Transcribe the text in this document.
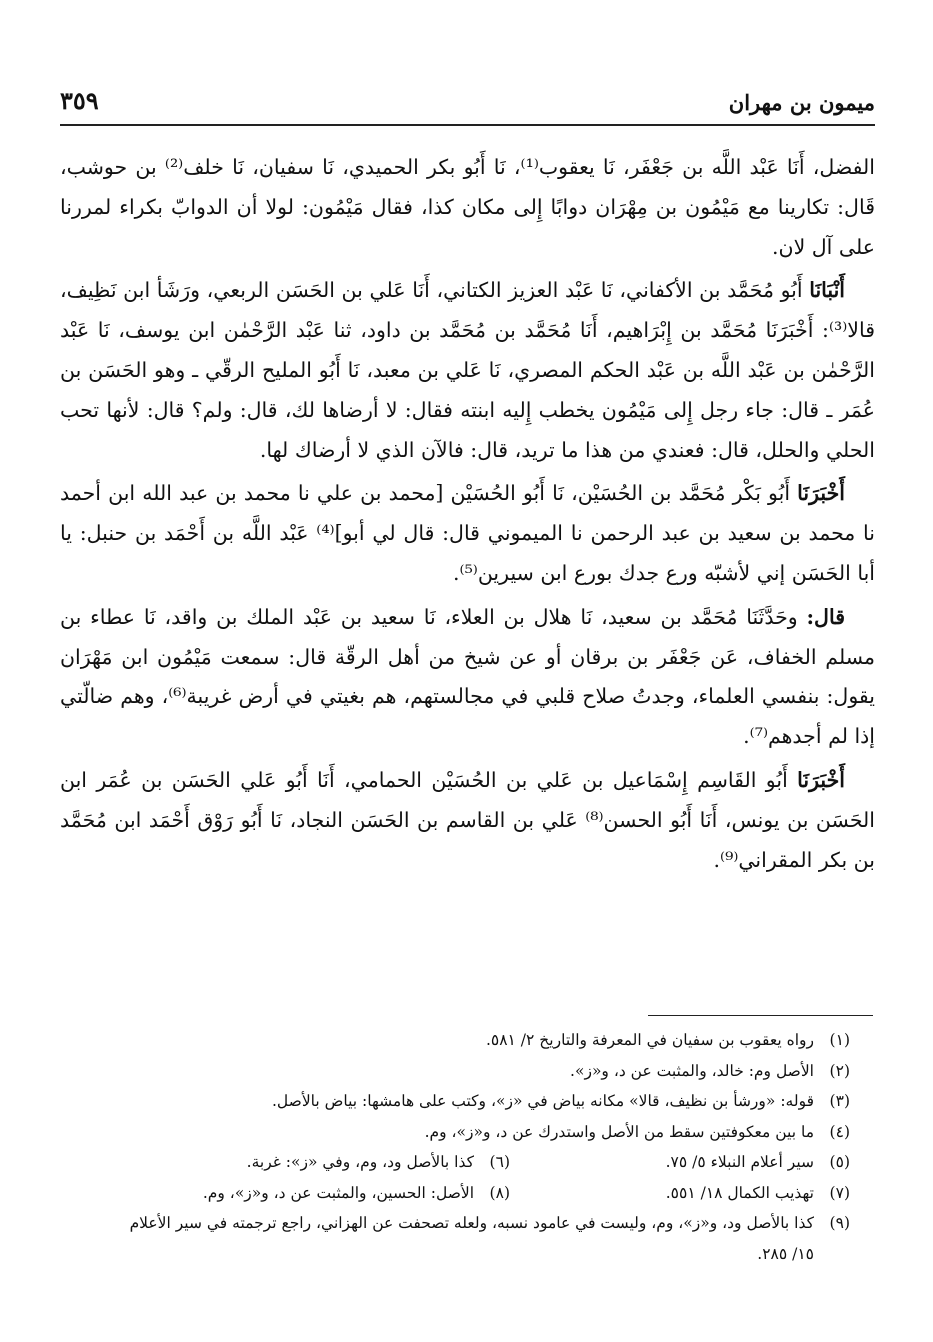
ميمون بن مهران
٣٥٩

الفضل، أَنَا عَبْد اللَّه بن جَعْفَر، نَا يعقوب⁽¹⁾، نَا أَبُو بكر الحميدي، نَا سفيان، نَا خلف⁽²⁾ بن حوشب، قَال: تكارينا مع مَيْمُون بن مِهْرَان دوابًا إِلى مكان كذا، فقال مَيْمُون: لولا أن الدوابّ بكراء لمررنا على آل لان.

أَنْبَانَا أَبُو مُحَمَّد بن الأكفاني، نَا عَبْد العزيز الكتاني، أَنَا عَلي بن الحَسَن الربعي، ورَشَأ ابن نَظِيف، قالا⁽³⁾: أَخْبَرَنَا مُحَمَّد بن إِبْرَاهيم، أَنَا مُحَمَّد بن مُحَمَّد بن داود، ثنا عَبْد الرَّحْمٰن ابن يوسف، نَا عَبْد الرَّحْمٰن بن عَبْد اللَّه بن عَبْد الحكم المصري، نَا عَلي بن معبد، نَا أَبُو المليح الرقّي ـ وهو الحَسَن بن عُمَر ـ قال: جاء رجل إِلى مَيْمُون يخطب إِليه ابنته فقال: لا أرضاها لك، قال: ولم؟ قال: لأنها تحب الحلي والحلل، قال: فعندي من هذا ما تريد، قال: فالآن الذي لا أرضاك لها.

أَخْبَرَنَا أَبُو بَكْر مُحَمَّد بن الحُسَيْن، نَا أَبُو الحُسَيْن [محمد بن علي نا محمد بن عبد الله ابن أحمد نا محمد بن سعيد بن عبد الرحمن نا الميموني قال: قال لي أبو]⁽⁴⁾ عَبْد اللَّه بن أَحْمَد بن حنبل: يا أبا الحَسَن إني لأشبّه ورع جدك بورع ابن سيرين⁽⁵⁾.

قال: وحَدَّثَنَا مُحَمَّد بن سعيد، نَا هلال بن العلاء، نَا سعيد بن عَبْد الملك بن واقد، نَا عطاء بن مسلم الخفاف، عَن جَعْفَر بن برقان أو عن شيخ من أهل الرقّة قال: سمعت مَيْمُون ابن مَهْرَان يقول: بنفسي العلماء، وجدتُ صلاح قلبي في مجالستهم، هم بغيتي في أرض غريبة⁽⁶⁾، وهم ضالّتي إذا لم أجدهم⁽⁷⁾.

أَخْبَرَنَا أَبُو القَاسِم إِسْمَاعيل بن عَلي بن الحُسَيْن الحمامي، أَنَا أَبُو عَلي الحَسَن بن عُمَر ابن الحَسَن بن يونس، أَنَا أَبُو الحسن⁽⁸⁾ عَلي بن القاسم بن الحَسَن النجاد، نَا أَبُو رَوْق أَحْمَد ابن مُحَمَّد بن بكر المقراني⁽⁹⁾.

(١)
رواه يعقوب بن سفيان في المعرفة والتاريخ ٢/ ٥٨١.
(٢)
الأصل وم: خالد، والمثبت عن د، و«ز».
(٣)
قوله: «ورشأ بن نظيف، قالا» مكانه بياض في «ز»، وكتب على هامشها: بياض بالأصل.
(٤)
ما بين معكوفتين سقط من الأصل واستدرك عن د، و«ز»، وم.
(٥)
سير أعلام النبلاء ٥/ ٧٥.
(٦)
كذا بالأصل ود، وم، وفي «ز»: غربة.
(٧)
تهذيب الكمال ١٨/ ٥٥١.
(٨)
الأصل: الحسين، والمثبت عن د، و«ز»، وم.
(٩)
كذا بالأصل ود، و«ز»، وم، وليست في عامود نسبه، ولعله تصحفت عن الهزاني، راجع ترجمته في سير الأعلام
١٥/ ٢٨٥.
